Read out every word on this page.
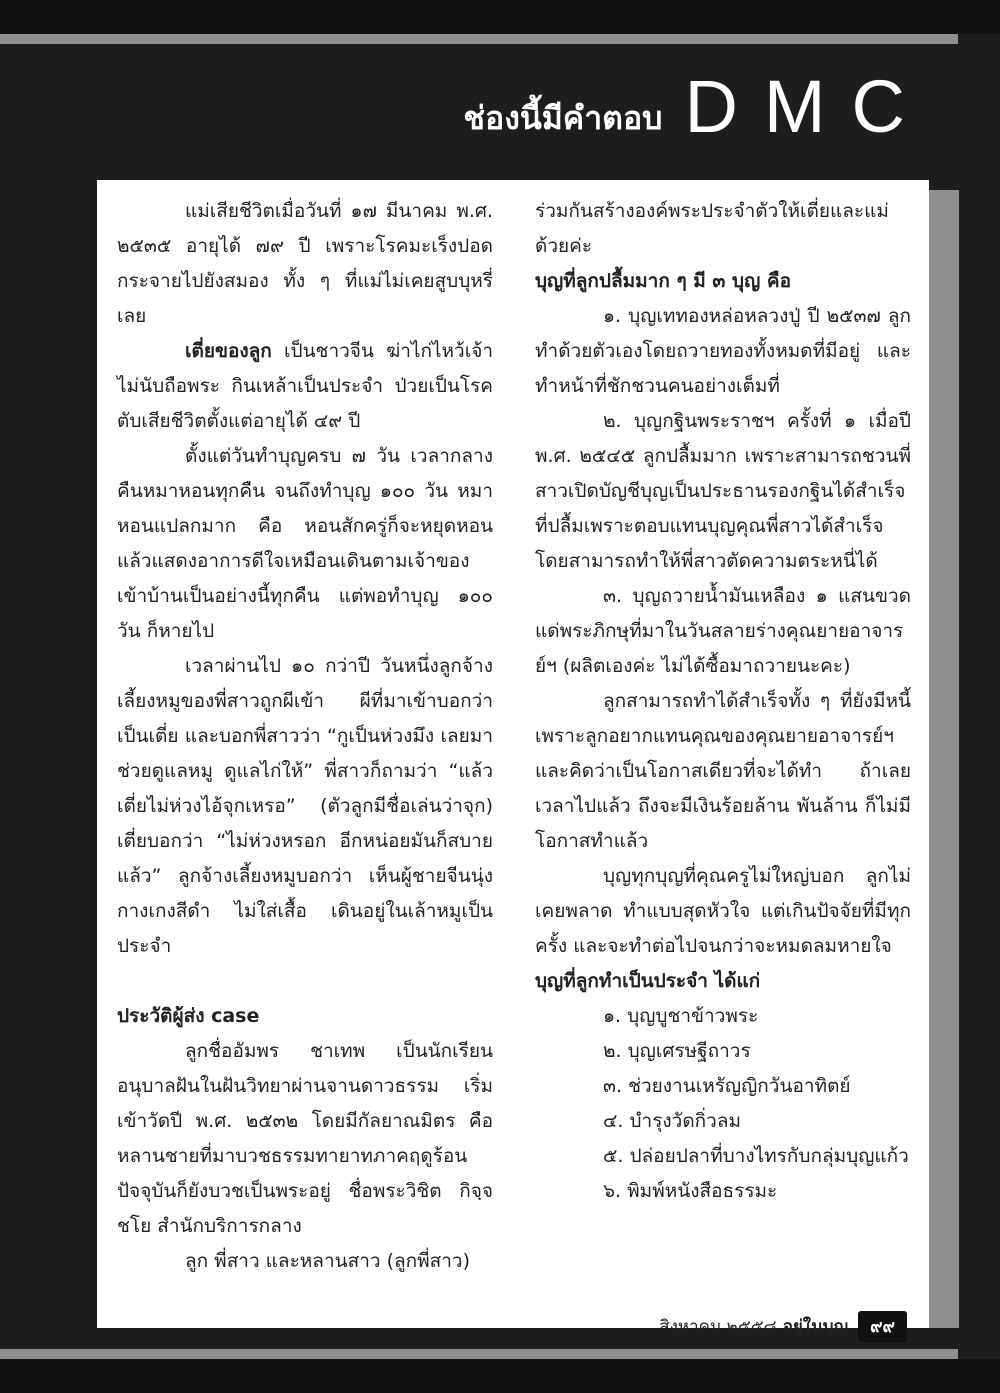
ช่องนี้มีคำตอบ DMC

แม่เสียชีวิตเมื่อวันที่ ๑๗ มีนาคม พ.ศ. ๒๕๓๕ อายุได้ ๗๙ ปี เพราะโรคมะเร็งปอดกระจายไปยังสมอง ทั้ง ๆ ที่แม่ไม่เคยสูบบุหรี่เลย

เตี่ยของลูก เป็นชาวจีน ฆ่าไก่ไหว้เจ้า ไม่นับถือพระ กินเหล้าเป็นประจำ ป่วยเป็นโรคตับเสียชีวิตตั้งแต่อายุได้ ๔๙ ปี

ตั้งแต่วันทำบุญครบ ๗ วัน เวลากลางคืนหมาหอนทุกคืน จนถึงทำบุญ ๑๐๐ วัน หมาหอนแปลกมาก คือ หอนสักครู่ก็จะหยุดหอน แล้วแสดงอาการดีใจเหมือนเดินตามเจ้าของเข้าบ้านเป็นอย่างนี้ทุกคืน แต่พอทำบุญ ๑๐๐ วัน ก็หายไป

เวลาผ่านไป ๑๐ กว่าปี วันหนึ่งลูกจ้างเลี้ยงหมูของพี่สาวถูกผีเข้า ผีที่มาเข้าบอกว่าเป็นเตี่ย และบอกพี่สาวว่า “กูเป็นห่วงมึง เลยมาช่วยดูแลหมู ดูแลไก่ให้” พี่สาวก็ถามว่า “แล้วเตี่ยไม่ห่วงไอ้จุกเหรอ” (ตัวลูกมีชื่อเล่นว่าจุก) เตี่ยบอกว่า “ไม่ห่วงหรอก อีกหน่อยมันก็สบายแล้ว” ลูกจ้างเลี้ยงหมูบอกว่า เห็นผู้ชายจีนนุ่งกางเกงสีดำ ไม่ใส่เสื้อ เดินอยู่ในเล้าหมูเป็นประจำ

ประวัติผู้ส่ง case

ลูกชื่ออัมพร ชาเทพ เป็นนักเรียนอนุบาลฝันในฝันวิทยาผ่านจานดาวธรรม เริ่มเข้าวัดปี พ.ศ. ๒๕๓๒ โดยมีกัลยาณมิตร คือ หลานชายที่มาบวชธรรมทายาทภาคฤดูร้อน ปัจจุบันก็ยังบวชเป็นพระอยู่ ชื่อพระวิชิต กิจฺจชโย สำนักบริการกลาง

ลูก พี่สาว และหลานสาว (ลูกพี่สาว)

ร่วมกันสร้างองค์พระประจำตัวให้เตี่ยและแม่ด้วยค่ะ

บุญที่ลูกปลื้มมาก ๆ มี ๓ บุญ คือ

๑. บุญเททองหล่อหลวงปู่ ปี ๒๕๓๗ ลูกทำด้วยตัวเองโดยถวายทองทั้งหมดที่มีอยู่ และทำหน้าที่ชักชวนคนอย่างเต็มที่

๒. บุญกฐินพระราชฯ ครั้งที่ ๑ เมื่อปี พ.ศ. ๒๕๔๕ ลูกปลื้มมาก เพราะสามารถชวนพี่สาวเปิดบัญชีบุญเป็นประธานรองกฐินได้สำเร็จ ที่ปลื้มเพราะตอบแทนบุญคุณพี่สาวได้สำเร็จ โดยสามารถทำให้พี่สาวตัดความตระหนี่ได้

๓. บุญถวายน้ำมันเหลือง ๑ แสนขวด แด่พระภิกษุที่มาในวันสลายร่างคุณยายอาจารย์ฯ (ผลิตเองค่ะ ไม่ได้ซื้อมาถวายนะคะ)

ลูกสามารถทำได้สำเร็จทั้ง ๆ ที่ยังมีหนี้ เพราะลูกอยากแทนคุณของคุณยายอาจารย์ฯ และคิดว่าเป็นโอกาสเดียวที่จะได้ทำ ถ้าเลยเวลาไปแล้ว ถึงจะมีเงินร้อยล้าน พันล้าน ก็ไม่มีโอกาสทำแล้ว

บุญทุกบุญที่คุณครูไม่ใหญ่บอก ลูกไม่เคยพลาด ทำแบบสุดหัวใจ แต่เกินปัจจัยที่มีทุกครั้ง และจะทำต่อไปจนกว่าจะหมดลมหายใจ

บุญที่ลูกทำเป็นประจำ ได้แก่

๑. บุญบูชาข้าวพระ

๒. บุญเศรษฐีถาวร

๓. ช่วยงานเหรัญญิกวันอาทิตย์

๔. บำรุงวัดกิ่วลม

๕. ปล่อยปลาที่บางไทรกับกลุ่มบุญแก้ว

๖. พิมพ์หนังสือธรรมะ

สิงหาคม ๒๕๕๘ อยู่ในบุญ	๙๙
